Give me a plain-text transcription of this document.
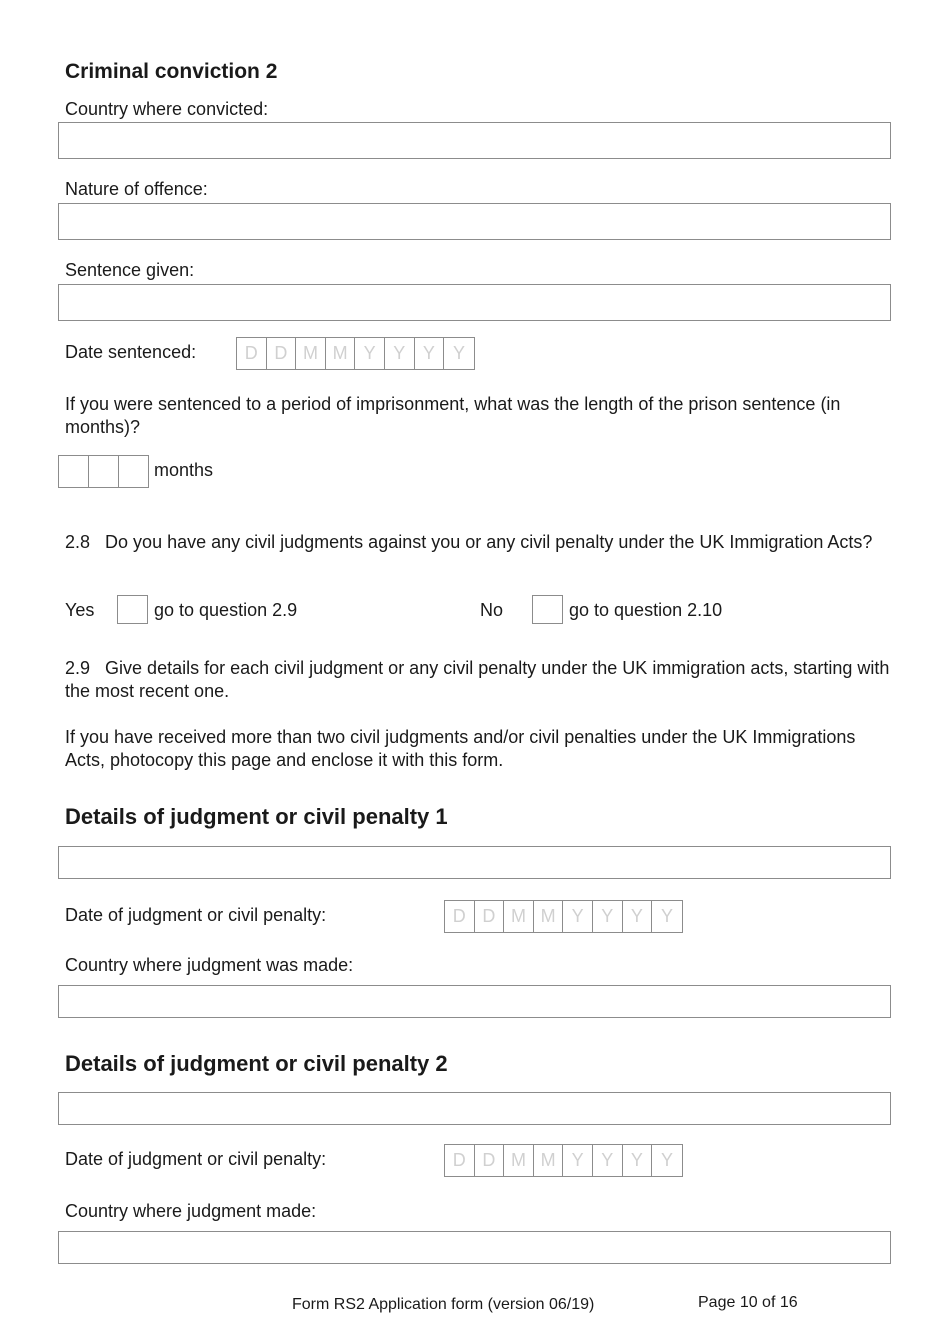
Criminal conviction 2
Country where convicted:
Nature of offence:
Sentence given:
Date sentenced:	D D M M Y Y Y	Y
If you were sentenced to a period of imprisonment, what was the length of the prison sentence (in months)?
months
2.8 Do you have any civil judgments against you or any civil penalty under the UK Immigration Acts?
Yes	go to question 2.9	No	go to question 2.10
2.9 Give details for each civil judgment or any civil penalty under the UK immigration acts, starting with the most recent one.
If you have received more than two civil judgments and/or civil penalties under the UK Immigrations Acts, photocopy this page and enclose it with this form.
Details of judgment or civil penalty 1
Date of judgment or civil penalty:	D D M M Y Y Y	Y
Country where judgment was made:
Details of judgment or civil penalty 2
Date of judgment or civil penalty:	D D M M Y Y Y	Y
Country where judgment made:
Form RS2 Application form (version 06/19)	Page 10 of 16
